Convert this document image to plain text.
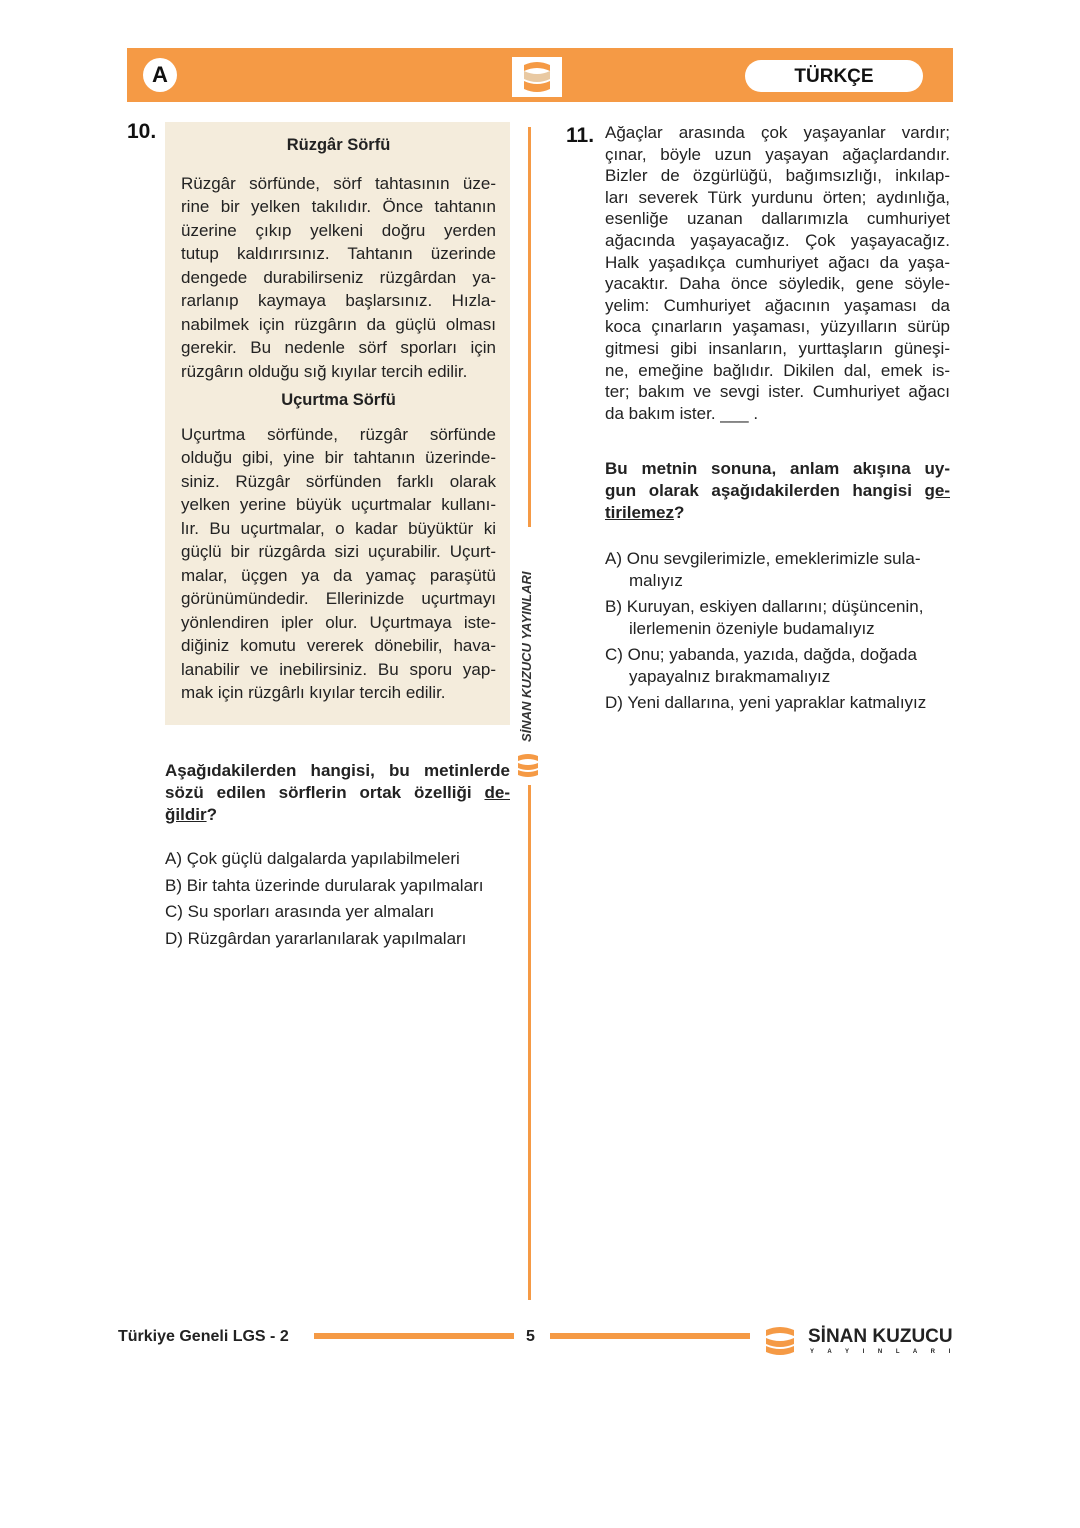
A	TÜRKÇE
10.
Rüzgâr Sörfü
Rüzgâr sörfünde, sörf tahtasının üze-
rine bir yelken takılıdır. Önce tahtanın
üzerine çıkıp yelkeni doğru yerden
tutup kaldırırsınız. Tahtanın üzerinde
dengede durabilirseniz rüzgârdan ya-
rarlanıp kaymaya başlarsınız. Hızla-
nabilmek için rüzgârın da güçlü olması
gerekir. Bu nedenle sörf sporları için
rüzgârın olduğu sığ kıyılar tercih edilir.
Uçurtma Sörfü
Uçurtma sörfünde, rüzgâr sörfünde
olduğu gibi, yine bir tahtanın üzerinde-
siniz. Rüzgâr sörfünden farklı olarak
yelken yerine büyük uçurtmalar kullanı-
lır. Bu uçurtmalar, o kadar büyüktür ki
güçlü bir rüzgârda sizi uçurabilir. Uçurt-
malar, üçgen ya da yamaç paraşütü
görünümündedir. Ellerinizde uçurtmayı
yönlendiren ipler olur. Uçurtmaya iste-
diğiniz komutu vererek dönebilir, hava-
lanabilir ve inebilirsiniz. Bu sporu yap-
mak için rüzgârlı kıyılar tercih edilir.
Aşağıdakilerden hangisi, bu metinlerde
sözü edilen sörflerin ortak özelliği de-
ğildir?
A) Çok güçlü dalgalarda yapılabilmeleri
B) Bir tahta üzerinde durularak yapılmaları
C) Su sporları arasında yer almaları
D) Rüzgârdan yararlanılarak yapılmaları
SİNAN KUZUCU YAYINLARI
11. Ağaçlar arasında çok yaşayanlar vardır;
çınar, böyle uzun yaşayan ağaçlardandır.
Bizler de özgürlüğü, bağımsızlığı, inkılap-
ları severek Türk yurdunu örten; aydınlığa,
esenliğe uzanan dallarımızla cumhuriyet
ağacında yaşayacağız. Çok yaşayacağız.
Halk yaşadıkça cumhuriyet ağacı da yaşa-
yacaktır. Daha önce söyledik, gene söyle-
yelim: Cumhuriyet ağacının yaşaması da
koca çınarların yaşaması, yüzyılların sürüp
gitmesi gibi insanların, yurttaşların güneşi-
ne, emeğine bağlıdır. Dikilen dal, emek is-
ter; bakım ve sevgi ister. Cumhuriyet ağacı
da bakım ister. ___ .
Bu metnin sonuna, anlam akışına uy-
gun olarak aşağıdakilerden hangisi ge-
tirilemez?
A) Onu sevgilerimizle, emeklerimizle sula-
malıyız
B) Kuruyan, eskiyen dallarını; düşüncenin,
ilerlemenin özeniyle budamalıyız
C) Onu; yabanda, yazıda, dağda, doğada
yapayalnız bırakmamalıyız
D) Yeni dallarına, yeni yapraklar katmalıyız
Türkiye Geneli LGS - 2	5	SİNAN KUZUCU
Y A Y I N L A R I
